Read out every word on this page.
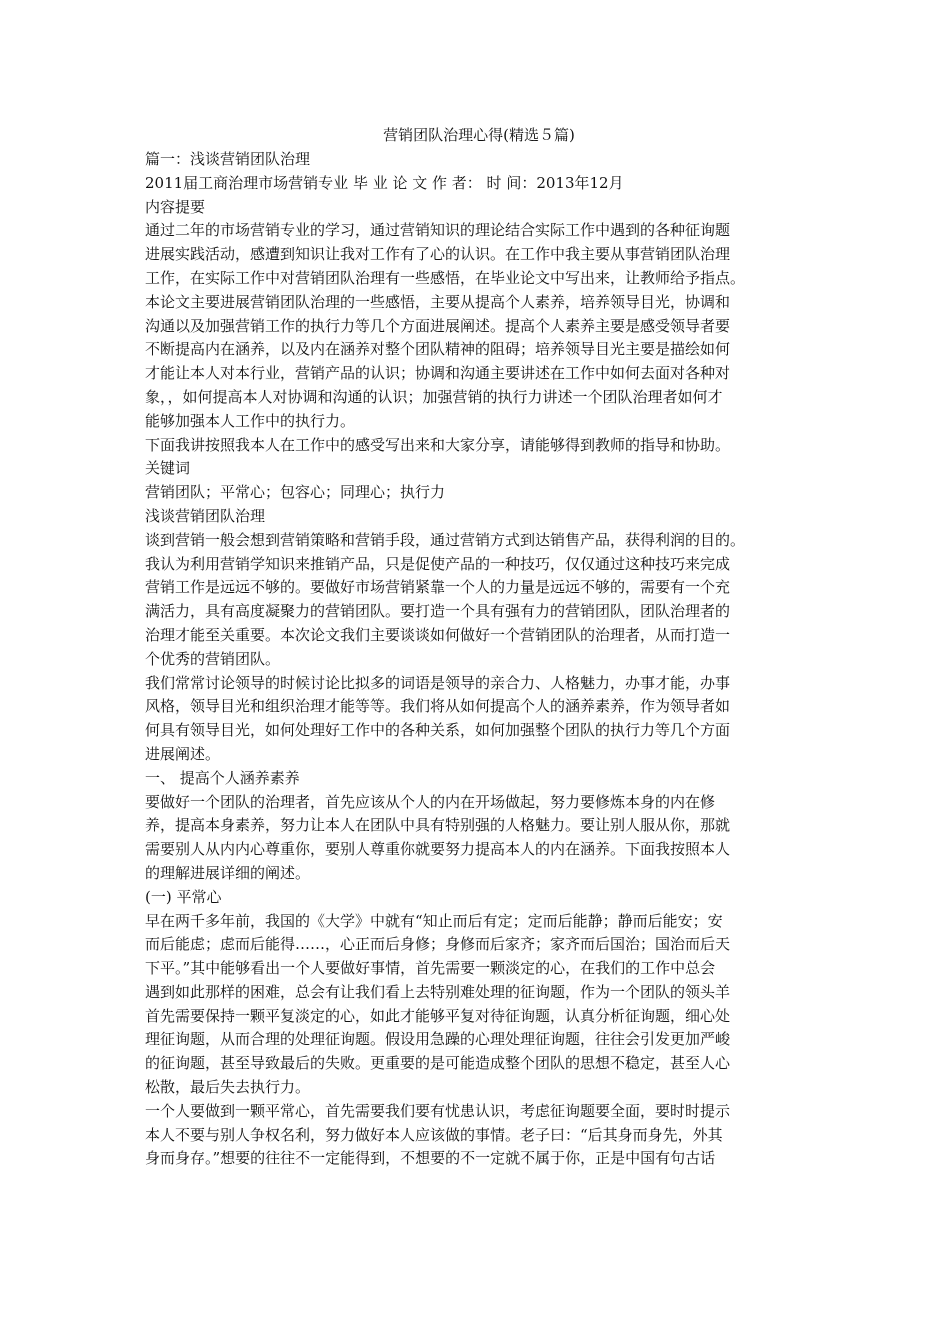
营销团队治理心得(精选５篇)
篇一：浅谈营销团队治理
2011届工商治理市场营销专业 毕 业 论 文 作 者： 时 间：2013年12月
内容提要
通过二年的市场营销专业的学习，通过营销知识的理论结合实际工作中遇到的各种征询题
进展实践活动，感遭到知识让我对工作有了心的认识。在工作中我主要从事营销团队治理
工作，在实际工作中对营销团队治理有一些感悟，在毕业论文中写出来，让教师给予指点。
本论文主要进展营销团队治理的一些感悟，主要从提高个人素养，培养领导目光，协调和
沟通以及加强营销工作的执行力等几个方面进展阐述。提高个人素养主要是感受领导者要
不断提高内在涵养，以及内在涵养对整个团队精神的阻碍；培养领导目光主要是描绘如何
才能让本人对本行业，营销产品的认识；协调和沟通主要讲述在工作中如何去面对各种对
象，，如何提高本人对协调和沟通的认识；加强营销的执行力讲述一个团队治理者如何才
能够加强本人工作中的执行力。
下面我讲按照我本人在工作中的感受写出来和大家分享，请能够得到教师的指导和协助。
关键词
营销团队；平常心；包容心；同理心；执行力
浅谈营销团队治理
谈到营销一般会想到营销策略和营销手段，通过营销方式到达销售产品，获得利润的目的。
我认为利用营销学知识来推销产品，只是促使产品的一种技巧，仅仅通过这种技巧来完成
营销工作是远远不够的。要做好市场营销紧靠一个人的力量是远远不够的，需要有一个充
满活力，具有高度凝聚力的营销团队。要打造一个具有强有力的营销团队，团队治理者的
治理才能至关重要。本次论文我们主要谈谈如何做好一个营销团队的治理者，从而打造一
个优秀的营销团队。
我们常常讨论领导的时候讨论比拟多的词语是领导的亲合力、人格魅力，办事才能，办事
风格，领导目光和组织治理才能等等。我们将从如何提高个人的涵养素养，作为领导者如
何具有领导目光，如何处理好工作中的各种关系，如何加强整个团队的执行力等几个方面
进展阐述。
一、 提高个人涵养素养
要做好一个团队的治理者，首先应该从个人的内在开场做起，努力要修炼本身的内在修
养，提高本身素养，努力让本人在团队中具有特别强的人格魅力。要让别人服从你，那就
需要别人从内内心尊重你，要别人尊重你就要努力提高本人的内在涵养。下面我按照本人
的理解进展详细的阐述。
(一) 平常心
早在两千多年前，我国的《大学》中就有“知止而后有定；定而后能静；静而后能安；安
而后能虑；虑而后能得……，心正而后身修；身修而后家齐；家齐而后国治；国治而后天
下平。”其中能够看出一个人要做好事情，首先需要一颗淡定的心，在我们的工作中总会
遇到如此那样的困难，总会有让我们看上去特别难处理的征询题，作为一个团队的领头羊
首先需要保持一颗平复淡定的心，如此才能够平复对待征询题，认真分析征询题，细心处
理征询题，从而合理的处理征询题。假设用急躁的心理处理征询题，往往会引发更加严峻
的征询题，甚至导致最后的失败。更重要的是可能造成整个团队的思想不稳定，甚至人心
松散，最后失去执行力。
一个人要做到一颗平常心，首先需要我们要有忧患认识，考虑征询题要全面，要时时提示
本人不要与别人争权名利，努力做好本人应该做的事情。老子曰：“后其身而身先，外其
身而身存。”想要的往往不一定能得到，不想要的不一定就不属于你，正是中国有句古话
